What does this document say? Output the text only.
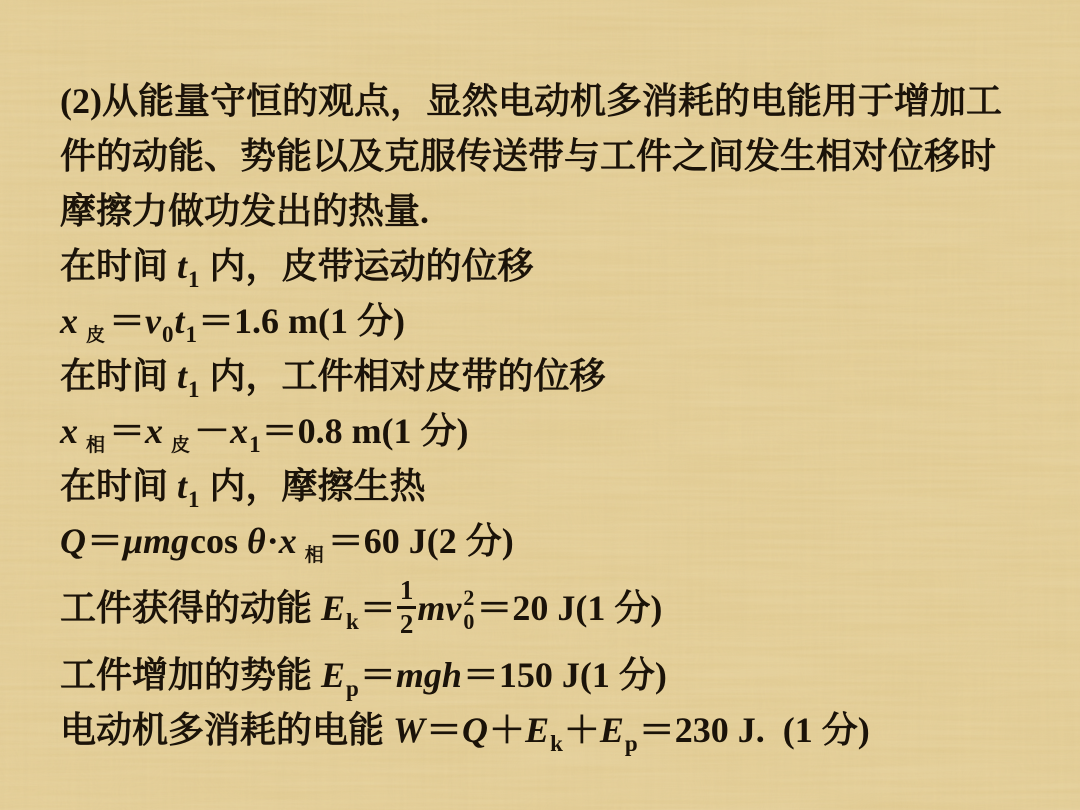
(2)从能量守恒的观点，显然电动机多消耗的电能用于增加工
件的动能、势能以及克服传送带与工件之间发生相对位移时
摩擦力做功发出的热量.
在时间 $t_1$ 内，皮带运动的位移
x $_皮 =v_0t_1=1.6$ m(1 分)
在时间 $t_1$ 内，工件相对皮带的位移
x $_相$ ＝x $_皮 -x_1=0.8$ m(1 分)
在时间 $t_1$ 内，摩擦生热
Q＝μmgcos θ·x $_相$ ＝60 J(2 分)
工件获得的动能 $E_k= \frac{1}{2}$ mv 2
0 ＝20 J(1 分)
工件增加的势能 $E_p=mgh=150$ J(1 分)
电动机多消耗的电能 $W=Q+E_k+E_p=230$ J.  (1 分)
